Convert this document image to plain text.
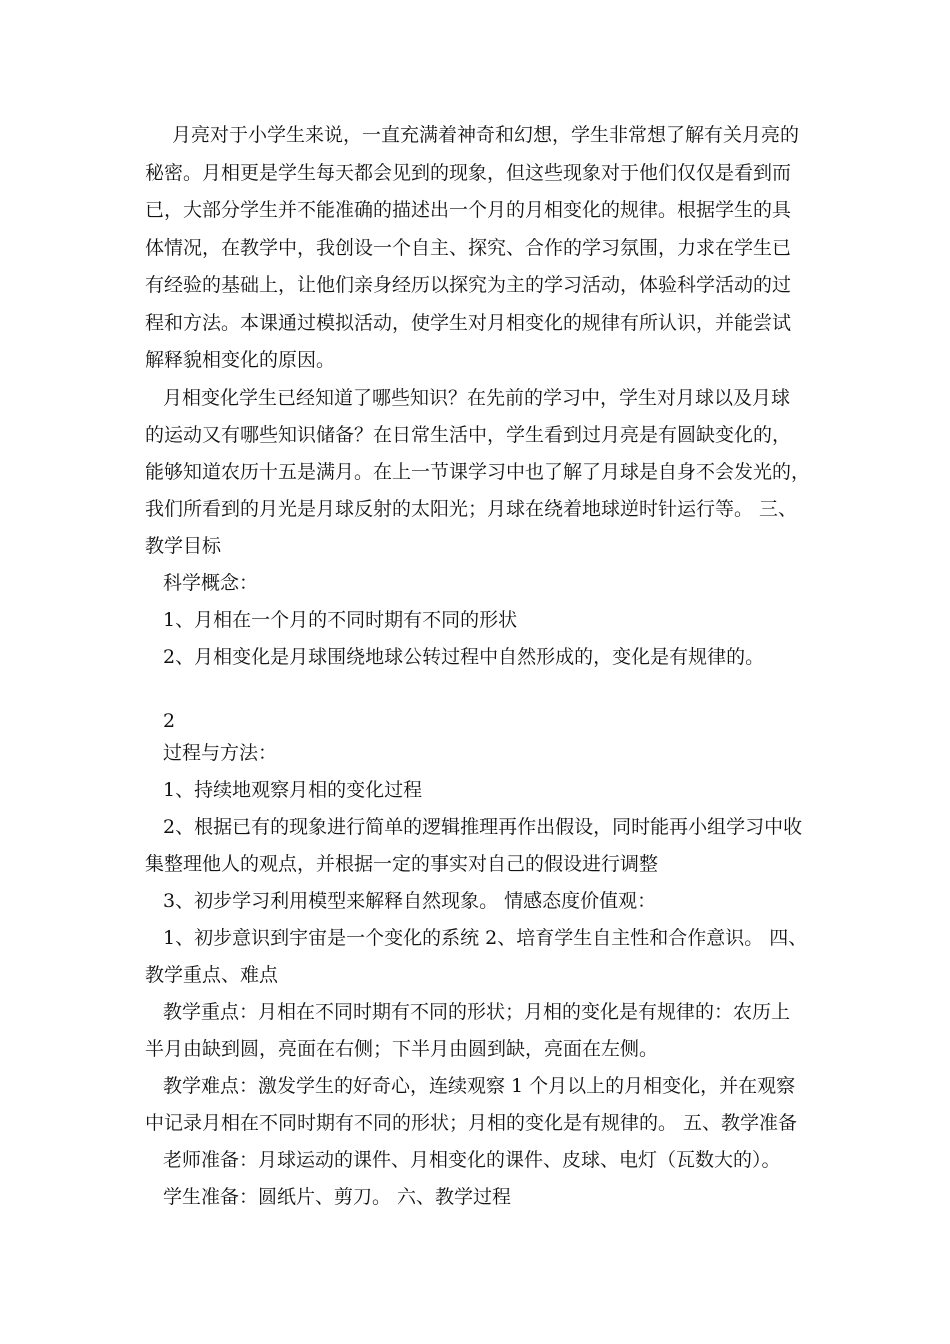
月亮对于小学生来说，一直充满着神奇和幻想，学生非常想了解有关月亮的

秘密。月相更是学生每天都会见到的现象，但这些现象对于他们仅仅是看到而

已，大部分学生并不能准确的描述出一个月的月相变化的规律。根据学生的具

体情况，在教学中，我创设一个自主、探究、合作的学习氛围，力求在学生已

有经验的基础上，让他们亲身经历以探究为主的学习活动，体验科学活动的过

程和方法。本课通过模拟活动，使学生对月相变化的规律有所认识，并能尝试

解释貌相变化的原因。

月相变化学生已经知道了哪些知识？在先前的学习中，学生对月球以及月球

的运动又有哪些知识储备？在日常生活中，学生看到过月亮是有圆缺变化的，

能够知道农历十五是满月。在上一节课学习中也了解了月球是自身不会发光的，

我们所看到的月光是月球反射的太阳光；月球在绕着地球逆时针运行等。 三、

教学目标

科学概念：

1、月相在一个月的不同时期有不同的形状

2、月相变化是月球围绕地球公转过程中自然形成的，变化是有规律的。

2

过程与方法：

1、持续地观察月相的变化过程

2、根据已有的现象进行简单的逻辑推理再作出假设，同时能再小组学习中收

集整理他人的观点，并根据一定的事实对自己的假设进行调整

3、初步学习利用模型来解释自然现象。 情感态度价值观：

1、初步意识到宇宙是一个变化的系统 2、培育学生自主性和合作意识。 四、

教学重点、难点

教学重点：月相在不同时期有不同的形状；月相的变化是有规律的：农历上

半月由缺到圆，亮面在右侧；下半月由圆到缺，亮面在左侧。

教学难点：激发学生的好奇心，连续观察 1 个月以上的月相变化，并在观察

中记录月相在不同时期有不同的形状；月相的变化是有规律的。 五、教学准备

老师准备：月球运动的课件、月相变化的课件、皮球、电灯（瓦数大的）。

学生准备：圆纸片、剪刀。 六、教学过程
